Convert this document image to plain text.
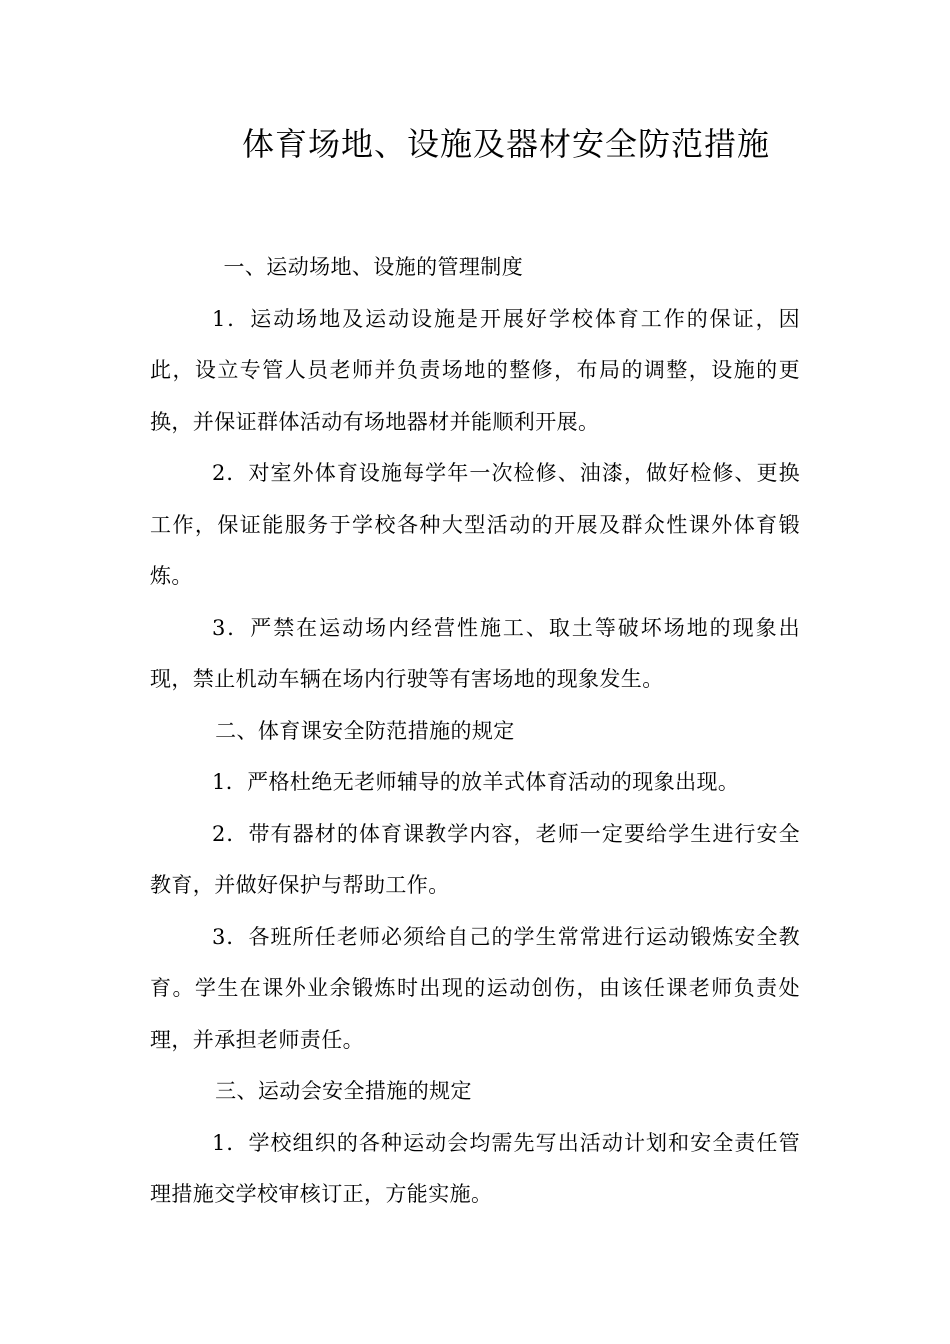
体育场地、设施及器材安全防范措施

一、运动场地、设施的管理制度

1．运动场地及运动设施是开展好学校体育工作的保证，因此，设立专管人员老师并负责场地的整修，布局的调整，设施的更换，并保证群体活动有场地器材并能顺利开展。

2．对室外体育设施每学年一次检修、油漆，做好检修、更换工作，保证能服务于学校各种大型活动的开展及群众性课外体育锻炼。

3．严禁在运动场内经营性施工、取土等破坏场地的现象出现，禁止机动车辆在场内行驶等有害场地的现象发生。

二、体育课安全防范措施的规定

1．严格杜绝无老师辅导的放羊式体育活动的现象出现。

2．带有器材的体育课教学内容，老师一定要给学生进行安全教育，并做好保护与帮助工作。

3．各班所任老师必须给自己的学生常常进行运动锻炼安全教育。学生在课外业余锻炼时出现的运动创伤，由该任课老师负责处理，并承担老师责任。

三、运动会安全措施的规定

1．学校组织的各种运动会均需先写出活动计划和安全责任管理措施交学校审核订正，方能实施。
